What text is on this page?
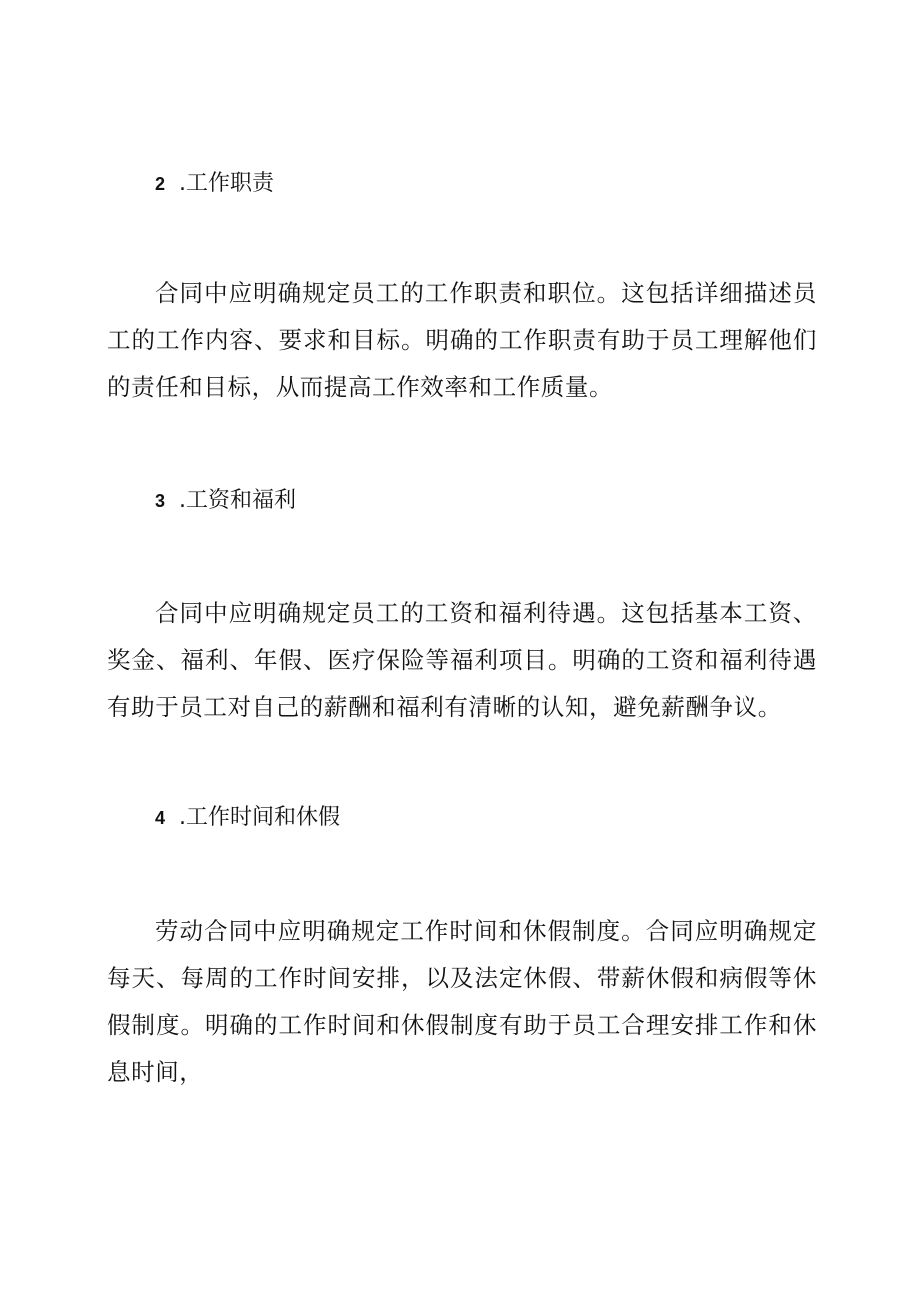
2 .工作职责

合同中应明确规定员工的工作职责和职位。这包括详细描述员工的工作内容、要求和目标。明确的工作职责有助于员工理解他们的责任和目标，从而提高工作效率和工作质量。

3 .工资和福利

合同中应明确规定员工的工资和福利待遇。这包括基本工资、奖金、福利、年假、医疗保险等福利项目。明确的工资和福利待遇有助于员工对自己的薪酬和福利有清晰的认知，避免薪酬争议。

4 .工作时间和休假

劳动合同中应明确规定工作时间和休假制度。合同应明确规定每天、每周的工作时间安排，以及法定休假、带薪休假和病假等休假制度。明确的工作时间和休假制度有助于员工合理安排工作和休息时间，
